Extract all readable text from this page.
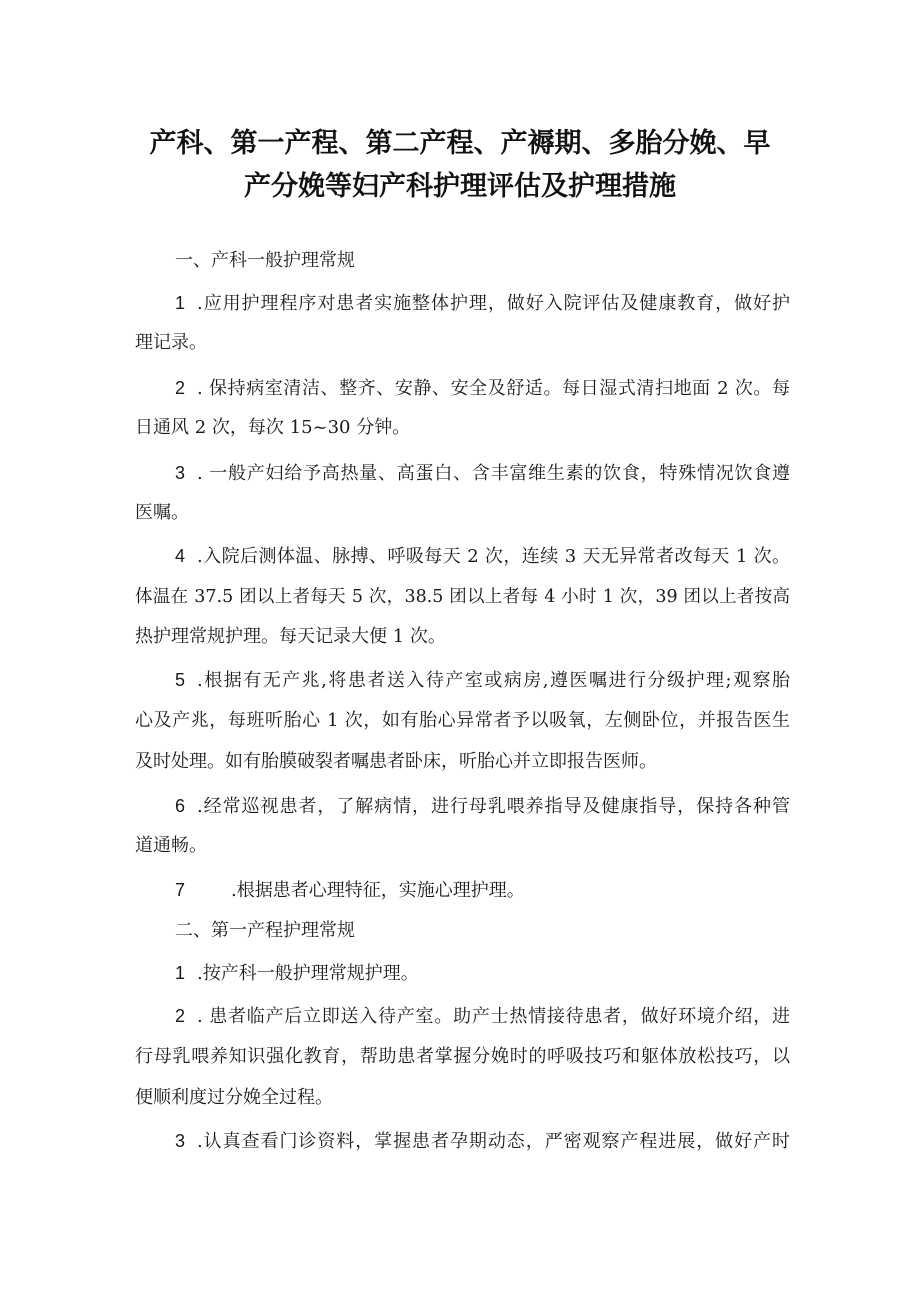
产科、第一产程、第二产程、产褥期、多胎分娩、早
产分娩等妇产科护理评估及护理措施
一、产科一般护理常规
1 .应用护理程序对患者实施整体护理，做好入院评估及健康教育，做好护
理记录。
2 . 保持病室清洁、整齐、安静、安全及舒适。每日湿式清扫地面 2 次。每
日通风 2 次，每次 15~30 分钟。
3 . 一般产妇给予高热量、高蛋白、含丰富维生素的饮食，特殊情况饮食遵
医嘱。
4 .入院后测体温、脉搏、呼吸每天 2 次，连续 3 天无异常者改每天 1 次。
体温在 37.5 团以上者每天 5 次，38.5 团以上者每 4 小时 1 次，39 团以上者按高
热护理常规护理。每天记录大便 1 次。
5 .根据有无产兆,将患者送入待产室或病房,遵医嘱进行分级护理;观察胎
心及产兆，每班听胎心 1 次，如有胎心异常者予以吸氧，左侧卧位，并报告医生
及时处理。如有胎膜破裂者嘱患者卧床，听胎心并立即报告医师。
6 .经常巡视患者，了解病情，进行母乳喂养指导及健康指导，保持各种管
道通畅。
7	.根据患者心理特征，实施心理护理。
二、第一产程护理常规
1 .按产科一般护理常规护理。
2 . 患者临产后立即送入待产室。助产士热情接待患者，做好环境介绍，进
行母乳喂养知识强化教育，帮助患者掌握分娩时的呼吸技巧和躯体放松技巧，以
便顺利度过分娩全过程。
3 .认真查看门诊资料，掌握患者孕期动态，严密观察产程进展，做好产时
